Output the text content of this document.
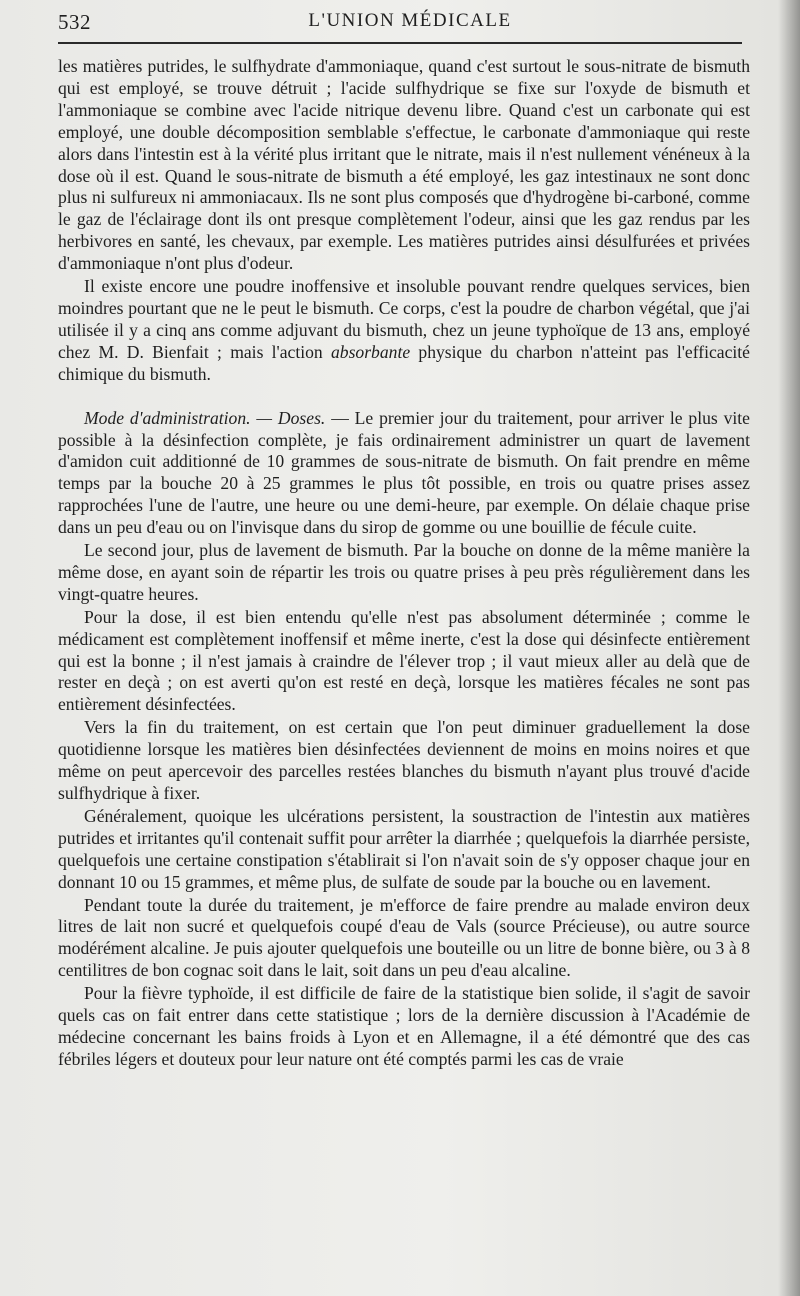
532	L'UNION MÉDICALE

les matières putrides, le sulfhydrate d'ammoniaque, quand c'est surtout le sous-nitrate de bismuth qui est employé, se trouve détruit ; l'acide sulfhydrique se fixe sur l'oxyde de bismuth et l'ammoniaque se combine avec l'acide nitrique devenu libre. Quand c'est un carbonate qui est employé, une double décomposition semblable s'effectue, le carbonate d'ammoniaque qui reste alors dans l'intestin est à la vérité plus irritant que le nitrate, mais il n'est nullement vénéneux à la dose où il est. Quand le sous-nitrate de bismuth a été employé, les gaz intestinaux ne sont donc plus ni sulfureux ni ammoniacaux. Ils ne sont plus composés que d'hydrogène bi-carboné, comme le gaz de l'éclairage dont ils ont presque complètement l'odeur, ainsi que les gaz rendus par les herbivores en santé, les chevaux, par exemple. Les matières putrides ainsi désulfurées et privées d'ammoniaque n'ont plus d'odeur.

Il existe encore une poudre inoffensive et insoluble pouvant rendre quelques services, bien moindres pourtant que ne le peut le bismuth. Ce corps, c'est la poudre de charbon végétal, que j'ai utilisée il y a cinq ans comme adjuvant du bismuth, chez un jeune typhoïque de 13 ans, employé chez M. D. Bienfait ; mais l'action absorbante physique du charbon n'atteint pas l'efficacité chimique du bismuth.

Mode d'administration. — Doses. — Le premier jour du traitement, pour arriver le plus vite possible à la désinfection complète, je fais ordinairement administrer un quart de lavement d'amidon cuit additionné de 10 grammes de sous-nitrate de bismuth. On fait prendre en même temps par la bouche 20 à 25 grammes le plus tôt possible, en trois ou quatre prises assez rapprochées l'une de l'autre, une heure ou une demi-heure, par exemple. On délaie chaque prise dans un peu d'eau ou on l'invisque dans du sirop de gomme ou une bouillie de fécule cuite.

Le second jour, plus de lavement de bismuth. Par la bouche on donne de la même manière la même dose, en ayant soin de répartir les trois ou quatre prises à peu près régulièrement dans les vingt-quatre heures.

Pour la dose, il est bien entendu qu'elle n'est pas absolument déterminée ; comme le médicament est complètement inoffensif et même inerte, c'est la dose qui désinfecte entièrement qui est la bonne ; il n'est jamais à craindre de l'élever trop ; il vaut mieux aller au delà que de rester en deçà ; on est averti qu'on est resté en deçà, lorsque les matières fécales ne sont pas entièrement désinfectées.

Vers la fin du traitement, on est certain que l'on peut diminuer graduellement la dose quotidienne lorsque les matières bien désinfectées deviennent de moins en moins noires et que même on peut apercevoir des parcelles restées blanches du bismuth n'ayant plus trouvé d'acide sulfhydrique à fixer.

Généralement, quoique les ulcérations persistent, la soustraction de l'intestin aux matières putrides et irritantes qu'il contenait suffit pour arrêter la diarrhée ; quelquefois la diarrhée persiste, quelquefois une certaine constipation s'établirait si l'on n'avait soin de s'y opposer chaque jour en donnant 10 ou 15 grammes, et même plus, de sulfate de soude par la bouche ou en lavement.

Pendant toute la durée du traitement, je m'efforce de faire prendre au malade environ deux litres de lait non sucré et quelquefois coupé d'eau de Vals (source Précieuse), ou autre source modérément alcaline. Je puis ajouter quelquefois une bouteille ou un litre de bonne bière, ou 3 à 8 centilitres de bon cognac soit dans le lait, soit dans un peu d'eau alcaline.

Pour la fièvre typhoïde, il est difficile de faire de la statistique bien solide, il s'agit de savoir quels cas on fait entrer dans cette statistique ; lors de la dernière discussion à l'Académie de médecine concernant les bains froids à Lyon et en Allemagne, il a été démontré que des cas fébriles légers et douteux pour leur nature ont été comptés parmi les cas de vraie
